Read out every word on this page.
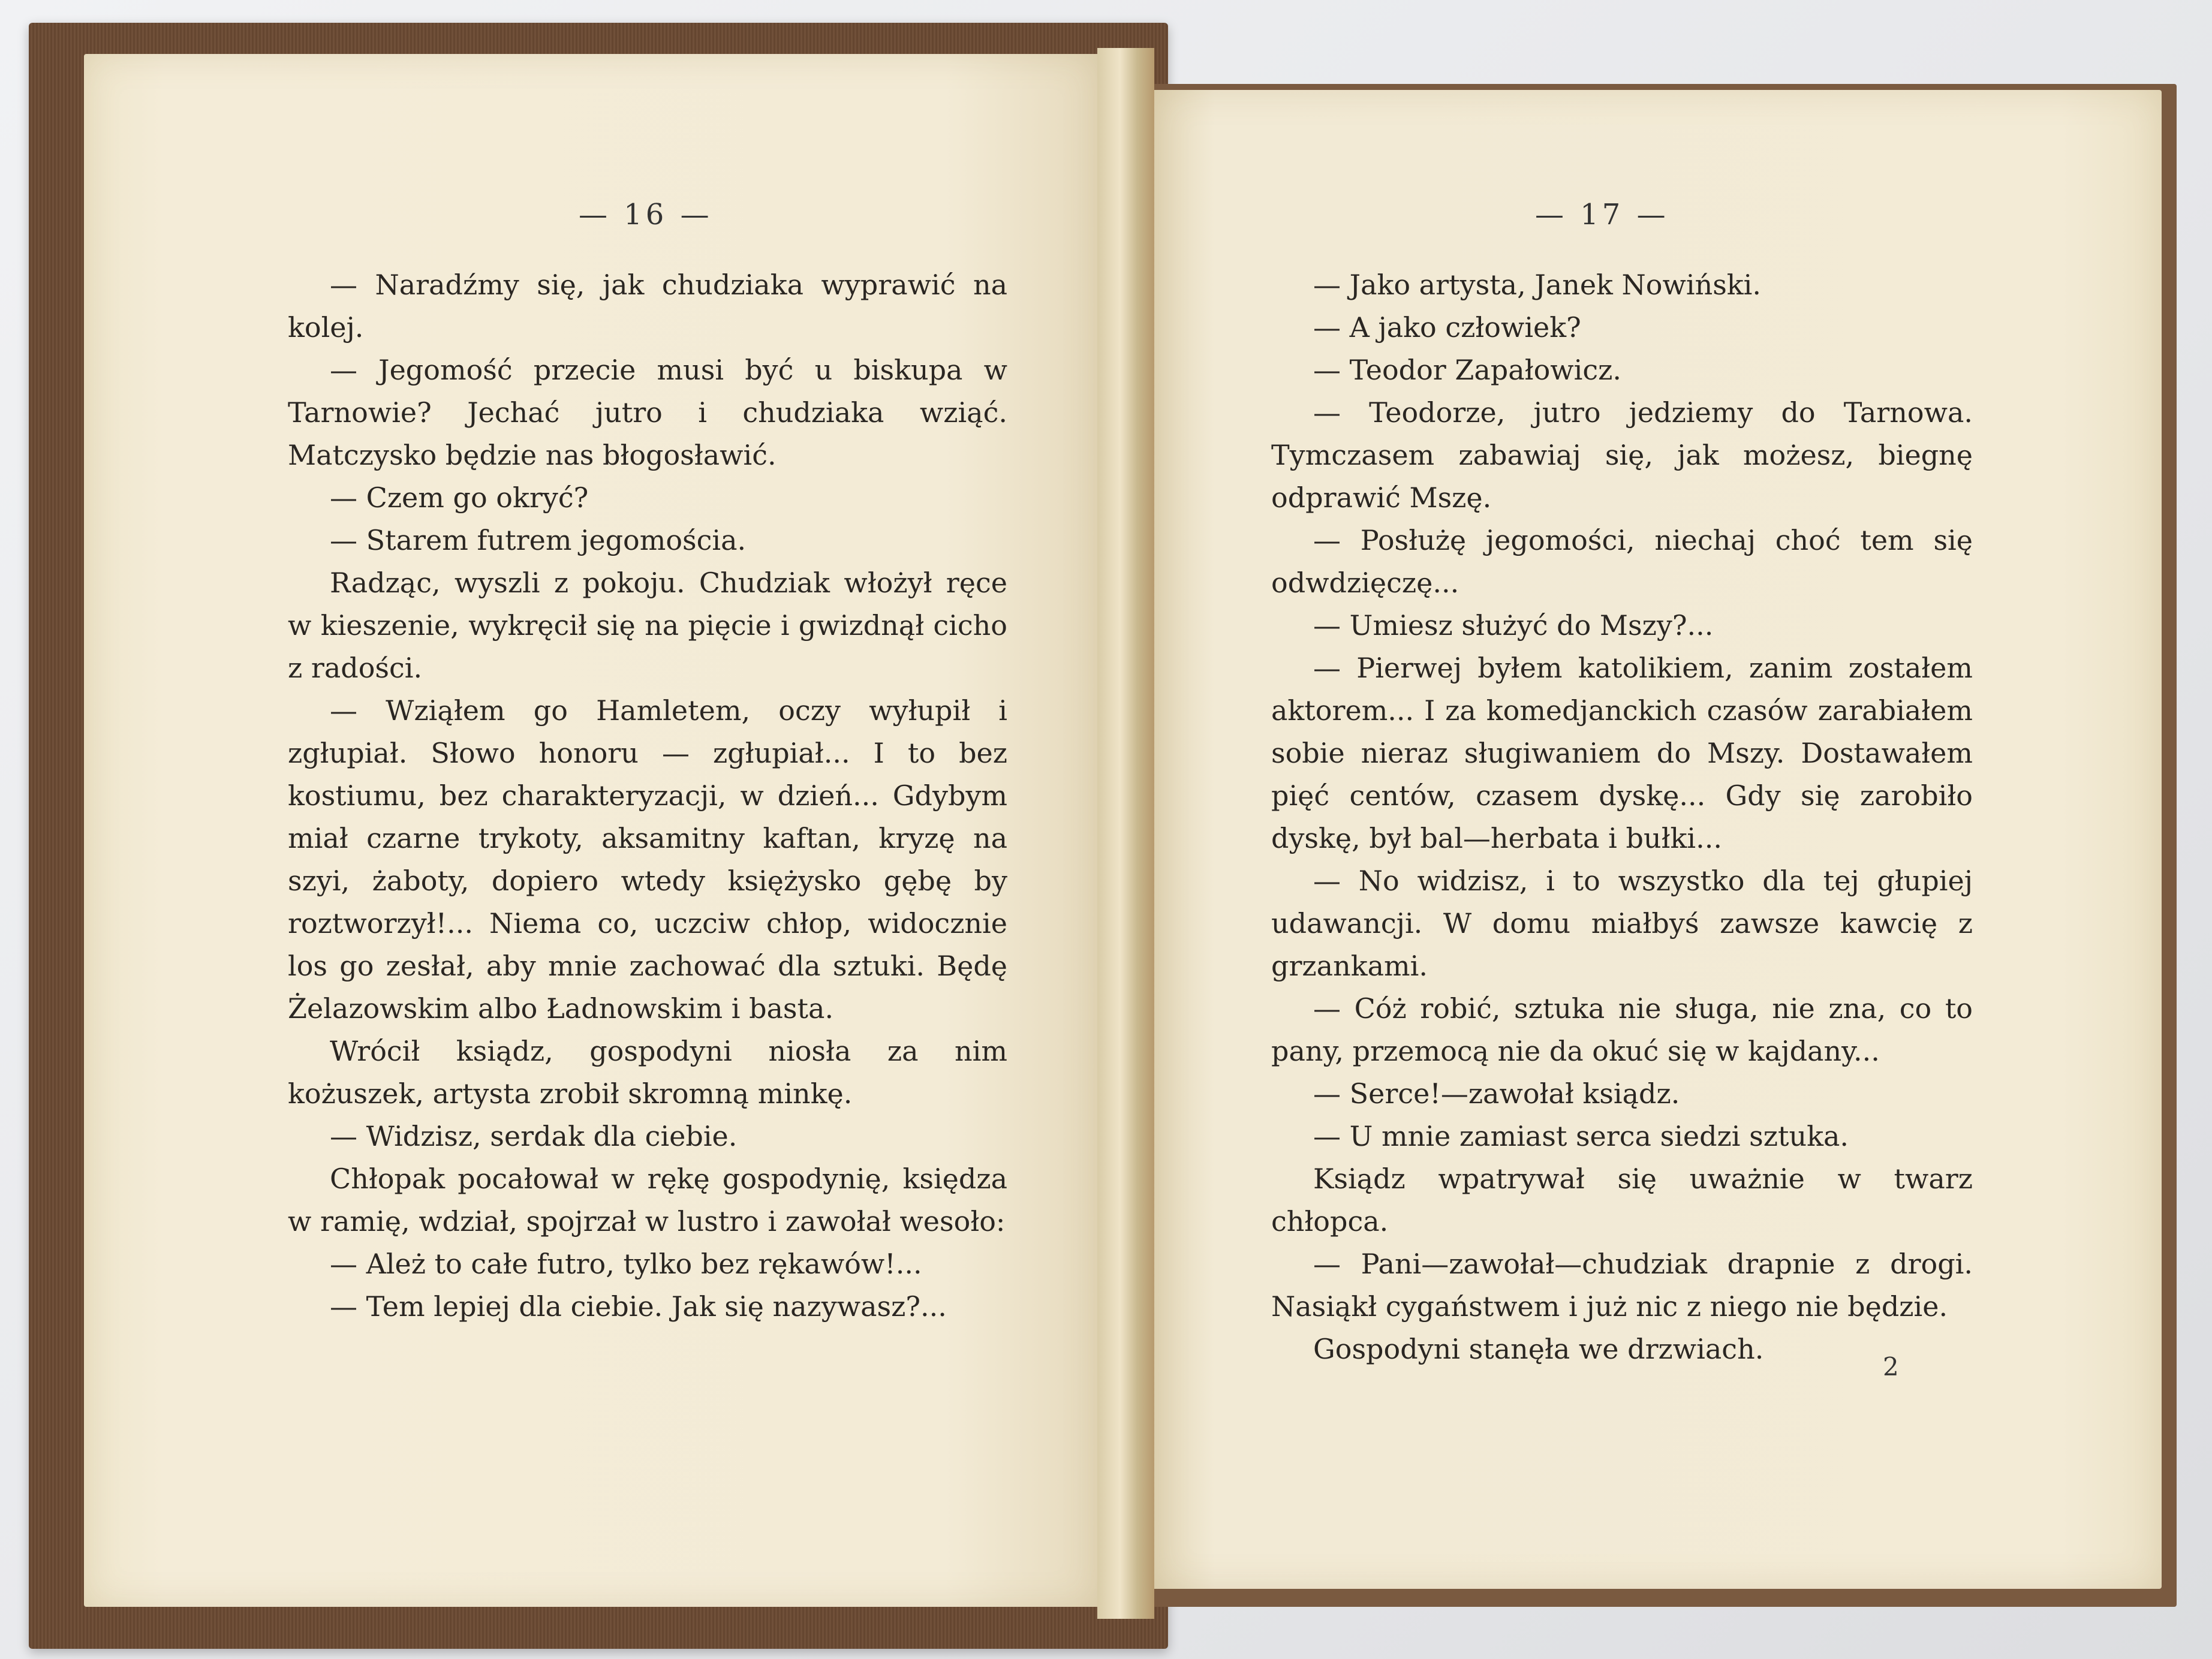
— 16 —	— 17 —

— Naradźmy się, jak chudziaka wyprawić na kolej.

— Jegomość przecie musi być u biskupa w Tarnowie? Jechać jutro i chudziaka wziąć. Matczysko będzie nas błogosławić.

— Czem go okryć?

— Starem futrem jegomościa.

Radząc, wyszli z pokoju. Chudziak włożył ręce w kieszenie, wykręcił się na pięcie i gwizdnął cicho z radości.

— Wziąłem go Hamletem, oczy wyłupił i zgłupiał. Słowo honoru — zgłupiał... I to bez kostiumu, bez charakteryzacji, w dzień... Gdybym miał czarne trykoty, aksamitny kaftan, kryzę na szyi, żaboty, dopiero wtedy księżysko gębę by roztworzył!... Niema co, uczciw chłop, widocznie los go zesłał, aby mnie zachować dla sztuki. Będę Żelazowskim albo Ładnowskim i basta.

Wrócił ksiądz, gospodyni niosła za nim kożuszek, artysta zrobił skromną minkę.

— Widzisz, serdak dla ciebie.

Chłopak pocałował w rękę gospodynię, księdza w ramię, wdział, spojrzał w lustro i zawołał wesoło:

— Ależ to całe futro, tylko bez rękawów!...

— Tem lepiej dla ciebie. Jak się nazywasz?...

— Jako artysta, Janek Nowiński.

— A jako człowiek?

— Teodor Zapałowicz.

— Teodorze, jutro jedziemy do Tarnowa. Tymczasem zabawiaj się, jak możesz, biegnę odprawić Mszę.

— Posłużę jegomości, niechaj choć tem się odwdzięczę...

— Umiesz służyć do Mszy?...

— Pierwej byłem katolikiem, zanim zostałem aktorem... I za komedjanckich czasów zarabiałem sobie nieraz sługiwaniem do Mszy. Dostawałem pięć centów, czasem dyskę... Gdy się zarobiło dyskę, był bal—herbata i bułki...

— No widzisz, i to wszystko dla tej głupiej udawancji. W domu miałbyś zawsze kawcię z grzankami.

— Cóż robić, sztuka nie sługa, nie zna, co to pany, przemocą nie da okuć się w kajdany...

— Serce!—zawołał ksiądz.

— U mnie zamiast serca siedzi sztuka.

Ksiądz wpatrywał się uważnie w twarz chłopca.

— Pani—zawołał—chudziak drapnie z drogi. Nasiąkł cygaństwem i już nic z niego nie będzie.

Gospodyni stanęła we drzwiach.

2
